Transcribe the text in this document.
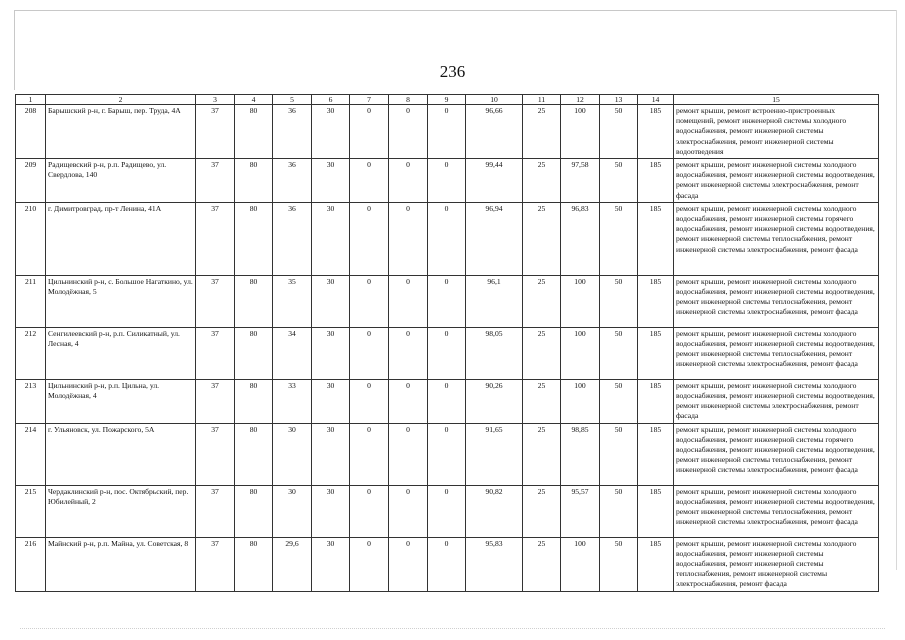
236
1	2	3	4	5	6	7	8	9	10	11	12	13	14	15
208	Барышский р-н, г. Барыш, пер. Труда, 4А	37	80	36	30	0	0	0	96,66	25	100	50	185	ремонт крыши, ремонт встроенно-пристроенных помещений, ремонт инженерной системы холодного водоснабжения, ремонт инженерной системы электроснабжения, ремонт инженерной системы водоотведения
209	Радищевский р-н, р.п. Радищево, ул. Свердлова, 140	37	80	36	30	0	0	0	99,44	25	97,58	50	185	ремонт крыши, ремонт инженерной системы холодного водоснабжения, ремонт инженерной системы водоотведения, ремонт инженерной системы электроснабжения, ремонт фасада
210	г. Димитровград, пр-т Ленина, 41А	37	80	36	30	0	0	0	96,94	25	96,83	50	185	ремонт крыши, ремонт инженерной системы холодного водоснабжения, ремонт инженерной системы горячего водоснабжения, ремонт инженерной системы водоотведения, ремонт инженерной системы теплоснабжения, ремонт инженерной системы электроснабжения, ремонт фасада
211	Цильнинский р-н, с. Большое Нагаткино, ул. Молодёжная, 5	37	80	35	30	0	0	0	96,1	25	100	50	185	ремонт крыши, ремонт инженерной системы холодного водоснабжения, ремонт инженерной системы водоотведения, ремонт инженерной системы теплоснабжения, ремонт инженерной системы электроснабжения, ремонт фасада
212	Сенгилеевский р-н, р.п. Силикатный, ул. Лесная, 4	37	80	34	30	0	0	0	98,05	25	100	50	185	ремонт крыши, ремонт инженерной системы холодного водоснабжения, ремонт инженерной системы водоотведения, ремонт инженерной системы теплоснабжения, ремонт инженерной системы электроснабжения, ремонт фасада
213	Цильнинский р-н, р.п. Цильна, ул. Молодёжная, 4	37	80	33	30	0	0	0	90,26	25	100	50	185	ремонт крыши, ремонт инженерной системы холодного водоснабжения, ремонт инженерной системы водоотведения, ремонт инженерной системы электроснабжения, ремонт фасада
214	г. Ульяновск, ул. Пожарского, 5А	37	80	30	30	0	0	0	91,65	25	98,85	50	185	ремонт крыши, ремонт инженерной системы холодного водоснабжения, ремонт инженерной системы горячего водоснабжения, ремонт инженерной системы водоотведения, ремонт инженерной системы теплоснабжения, ремонт инженерной системы электроснабжения, ремонт фасада
215	Чердаклинский р-н, пос. Октябрьский, пер. Юбилейный, 2	37	80	30	30	0	0	0	90,82	25	95,57	50	185	ремонт крыши, ремонт инженерной системы холодного водоснабжения, ремонт инженерной системы водоотведения, ремонт инженерной системы теплоснабжения, ремонт инженерной системы электроснабжения, ремонт фасада
216	Майнский р-н, р.п. Майна, ул. Советская, 8	37	80	29,6	30	0	0	0	95,83	25	100	50	185	ремонт крыши, ремонт инженерной системы холодного водоснабжения, ремонт инженерной системы водоснабжения, ремонт инженерной системы теплоснабжения, ремонт инженерной системы электроснабжения, ремонт фасада
